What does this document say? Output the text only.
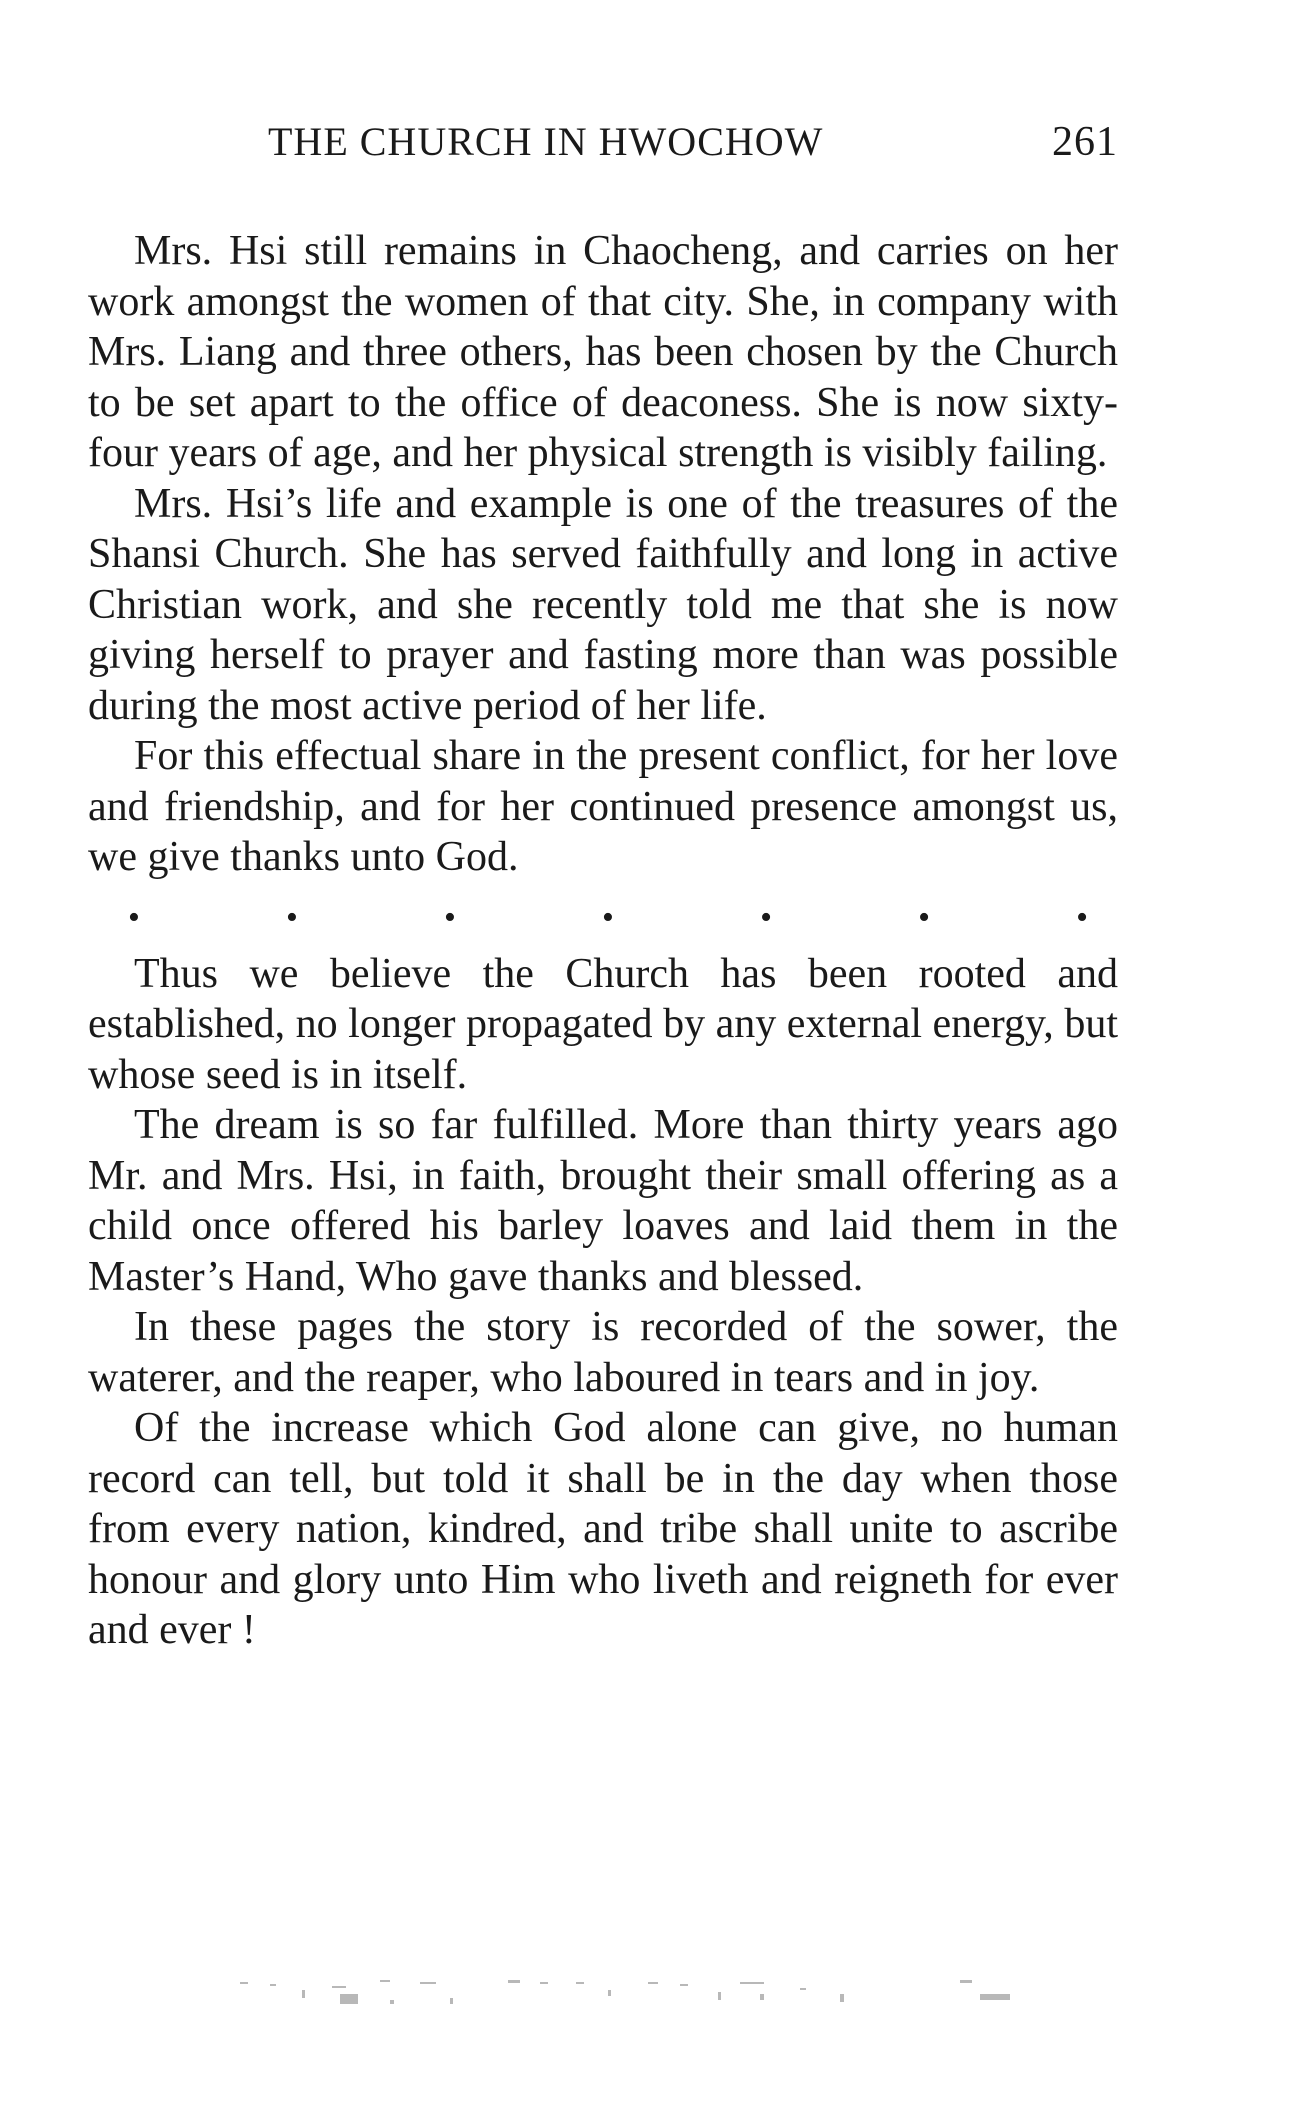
THE CHURCH IN HWOCHOW	261

Mrs. Hsi still remains in Chaocheng, and carries on her work amongst the women of that city. She, in company with Mrs. Liang and three others, has been chosen by the Church to be set apart to the office of deaconess. She is now sixty-four years of age, and her physical strength is visibly failing.

Mrs. Hsi’s life and example is one of the treasures of the Shansi Church. She has served faithfully and long in active Christian work, and she recently told me that she is now giving herself to prayer and fasting more than was possible during the most active period of her life.

For this effectual share in the present conflict, for her love and friendship, and for her continued presence amongst us, we give thanks unto God.

•	•	•	•	•	•	•

Thus we believe the Church has been rooted and established, no longer propagated by any external energy, but whose seed is in itself.

The dream is so far fulfilled. More than thirty years ago Mr. and Mrs. Hsi, in faith, brought their small offering as a child once offered his barley loaves and laid them in the Master’s Hand, Who gave thanks and blessed.

In these pages the story is recorded of the sower, the waterer, and the reaper, who laboured in tears and in joy.

Of the increase which God alone can give, no human record can tell, but told it shall be in the day when those from every nation, kindred, and tribe shall unite to ascribe honour and glory unto Him who liveth and reigneth for ever and ever !
